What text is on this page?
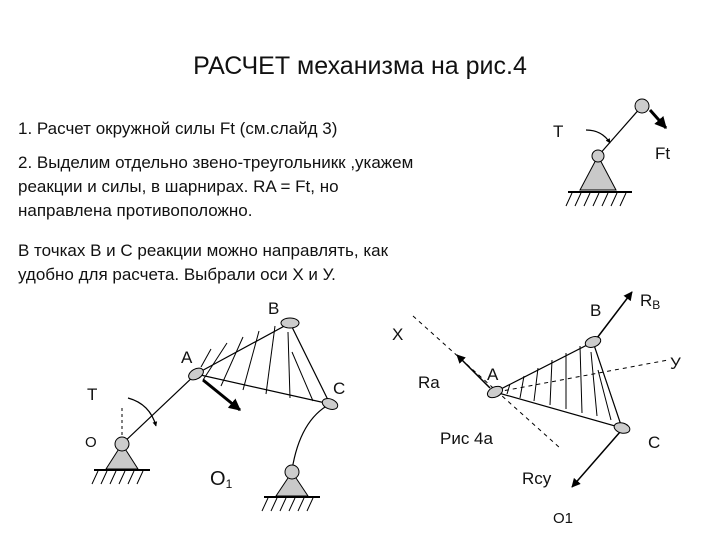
РАСЧЕТ механизма на рис.4
1. Расчет окружной силы Ft (см.слайд 3)
2. Выделим отдельно звено-треугольникк ,укажем
реакции и силы, в шарнирах. RA = Ft, но
направлена противоположно.
В точках В и С реакции можно направлять, как
удобно для расчета. Выбрали оси Х и У.
T
Ft
B
A
T	C
O
$O_1$
X
B
$R_B$
У
Ra	A
Рис 4а	C
Rcy
O1
